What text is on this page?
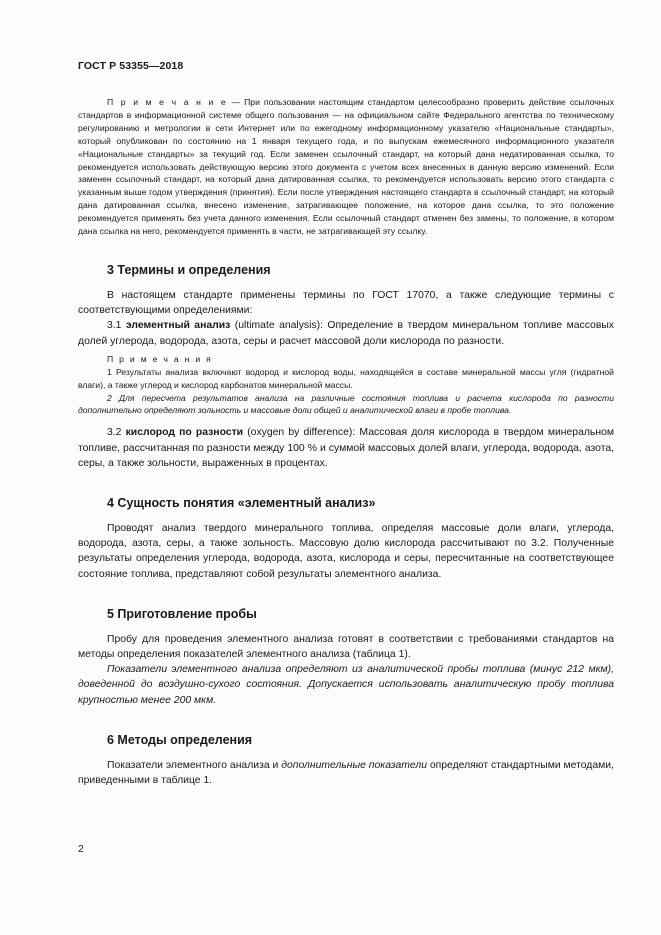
ГОСТ Р 53355—2018

П р и м е ч а н и е — При пользовании настоящим стандартом целесообразно проверить действие ссылочных стандартов в информационной системе общего пользования — на официальном сайте Федерального агентства по техническому регулированию и метрологии в сети Интернет или по ежегодному информационному указателю «Национальные стандарты», который опубликован по состоянию на 1 января текущего года, и по выпускам ежемесячного информационного указателя «Национальные стандарты» за текущий год. Если заменен ссылочный стандарт, на который дана недатированная ссылка, то рекомендуется использовать действующую версию этого документа с учетом всех внесенных в данную версию изменений. Если заменен ссылочный стандарт, на который дана датированная ссылка, то рекомендуется использовать версию этого стандарта с указанным выше годом утверждения (принятия). Если после утверждения настоящего стандарта в ссылочный стандарт, на который дана датированная ссылка, внесено изменение, затрагивающее положение, на которое дана ссылка, то это положение рекомендуется применять без учета данного изменения. Если ссылочный стандарт отменен без замены, то положение, в котором дана ссылка на него, рекомендуется применять в части, не затрагивающей эту ссылку.

3 Термины и определения

В настоящем стандарте применены термины по ГОСТ 17070, а также следующие термины с соответствующими определениями:

3.1 элементный анализ (ultimate analysis): Определение в твердом минеральном топливе массовых долей углерода, водорода, азота, серы и расчет массовой доли кислорода по разности.

П р и м е ч а н и я

1 Результаты анализа включают водород и кислород воды, находящейся в составе минеральной массы угля (гидратной влаги), а также углерод и кислород карбонатов минеральной массы.

2 Для пересчета результатов анализа на различные состояния топлива и расчета кислорода по разности дополнительно определяют зольность и массовые доли общей и аналитической влаги в пробе топлива.

3.2 кислород по разности (oxygen by difference): Массовая доля кислорода в твердом минеральном топливе, рассчитанная по разности между 100 % и суммой массовых долей влаги, углерода, водорода, азота, серы, а также зольности, выраженных в процентах.

4 Сущность понятия «элементный анализ»

Проводят анализ твердого минерального топлива, определяя массовые доли влаги, углерода, водорода, азота, серы, а также зольность. Массовую долю кислорода рассчитывают по 3.2. Полученные результаты определения углерода, водорода, азота, кислорода и серы, пересчитанные на соответствующее состояние топлива, представляют собой результаты элементного анализа.

5 Приготовление пробы

Пробу для проведения элементного анализа готовят в соответствии с требованиями стандартов на методы определения показателей элементного анализа (таблица 1).

Показатели элементного анализа определяют из аналитической пробы топлива (минус 212 мкм), доведенной до воздушно-сухого состояния. Допускается использовать аналитическую пробу топлива крупностью менее 200 мкм.

6 Методы определения

Показатели элементного анализа и дополнительные показатели определяют стандартными методами, приведенными в таблице 1.

2
